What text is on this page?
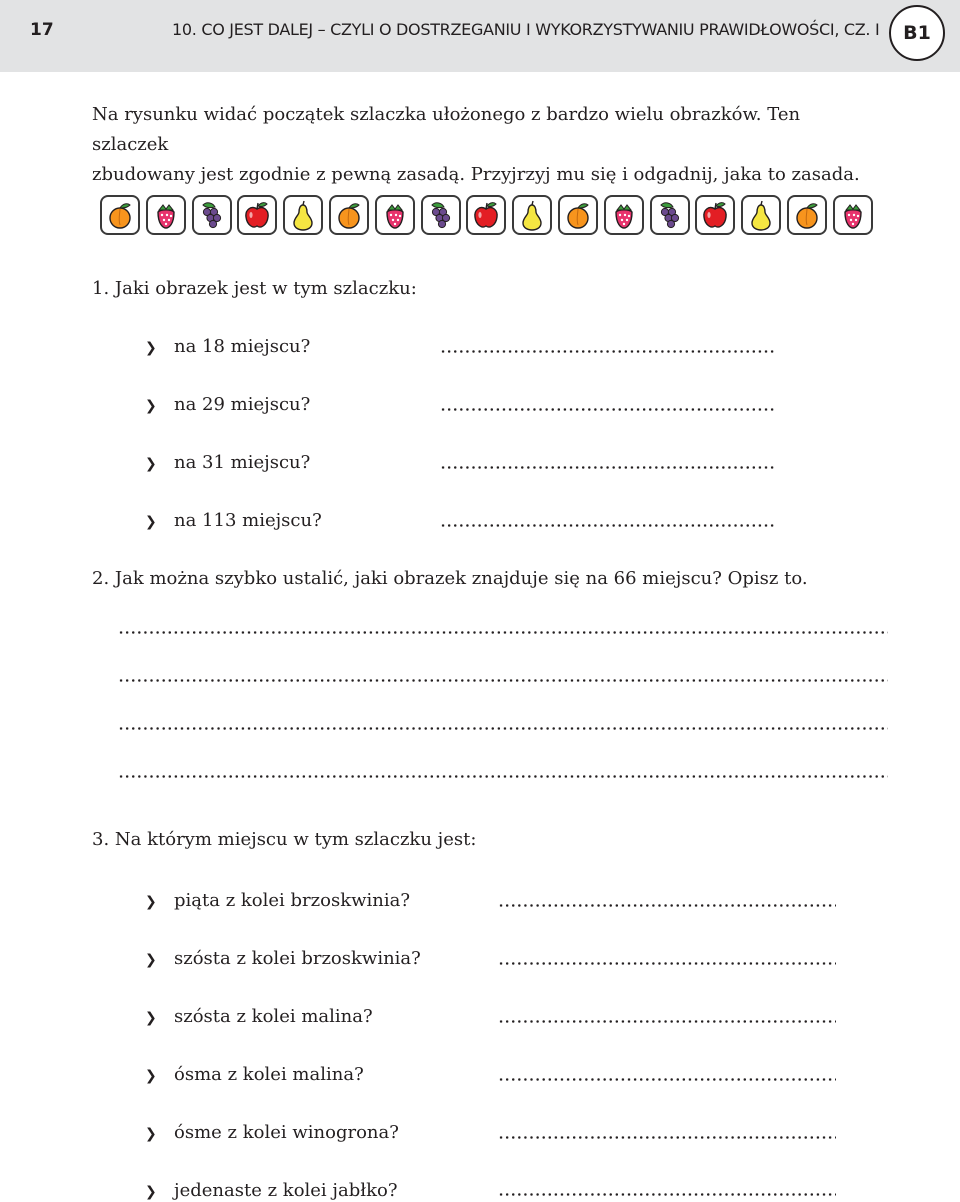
17	10. CO JEST DALEJ – CZYLI O DOSTRZEGANIU I WYKORZYSTYWANIU PRAWIDŁOWOŚCI, CZ. I	B1
Na rysunku widać początek szlaczka ułożonego z bardzo wielu obrazków. Ten szlaczek
zbudowany jest zgodnie z pewną zasadą. Przyjrzyj mu się i odgadnij, jaka to zasada.
1. Jaki obrazek jest w tym szlaczku:
❯ na 18 miejscu?
❯ na 29 miejscu?
❯ na 31 miejscu?
❯ na 113 miejscu?
2. Jak można szybko ustalić, jaki obrazek znajduje się na 66 miejscu? Opisz to.
3. Na którym miejscu w tym szlaczku jest:
❯ piąta z kolei brzoskwinia?
❯ szósta z kolei brzoskwinia?
❯ szósta z kolei malina?
❯ ósma z kolei malina?
❯ ósme z kolei winogrona?
❯ jedenaste z kolei jabłko?
